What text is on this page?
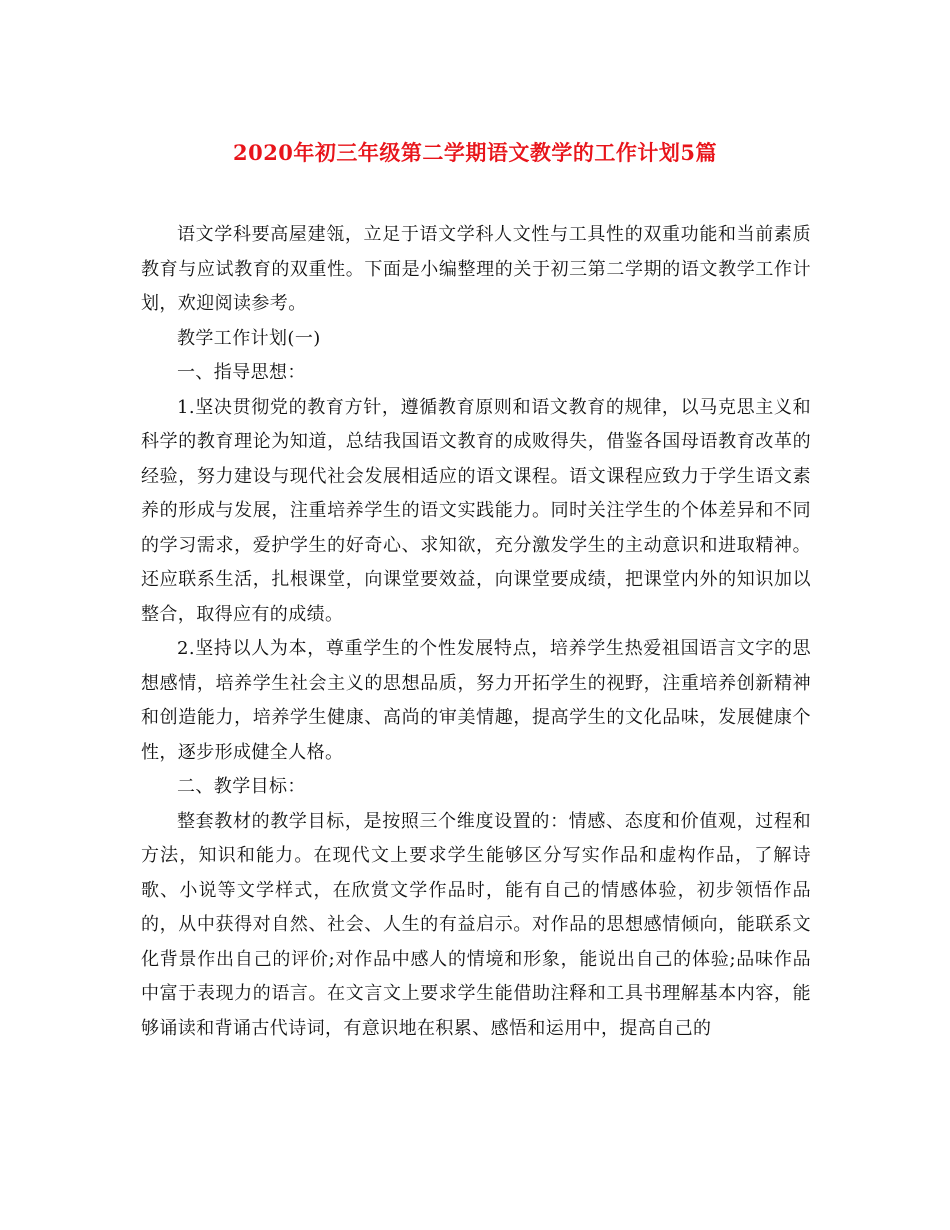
2020年初三年级第二学期语文教学的工作计划5篇

语文学科要高屋建瓴，立足于语文学科人文性与工具性的双重功能和当前素质教育与应试教育的双重性。下面是小编整理的关于初三第二学期的语文教学工作计划，欢迎阅读参考。

教学工作计划(一)

一、指导思想：

1.坚决贯彻党的教育方针，遵循教育原则和语文教育的规律，以马克思主义和科学的教育理论为知道，总结我国语文教育的成败得失，借鉴各国母语教育改革的经验，努力建设与现代社会发展相适应的语文课程。语文课程应致力于学生语文素养的形成与发展，注重培养学生的语文实践能力。同时关注学生的个体差异和不同的学习需求，爱护学生的好奇心、求知欲，充分激发学生的主动意识和进取精神。还应联系生活，扎根课堂，向课堂要效益，向课堂要成绩，把课堂内外的知识加以整合，取得应有的成绩。

2.坚持以人为本，尊重学生的个性发展特点，培养学生热爱祖国语言文字的思想感情，培养学生社会主义的思想品质，努力开拓学生的视野，注重培养创新精神和创造能力，培养学生健康、高尚的审美情趣，提高学生的文化品味，发展健康个性，逐步形成健全人格。

二、教学目标：

整套教材的教学目标，是按照三个维度设置的：情感、态度和价值观，过程和方法，知识和能力。在现代文上要求学生能够区分写实作品和虚构作品，了解诗歌、小说等文学样式，在欣赏文学作品时，能有自己的情感体验，初步领悟作品的，从中获得对自然、社会、人生的有益启示。对作品的思想感情倾向，能联系文化背景作出自己的评价;对作品中感人的情境和形象，能说出自己的体验;品味作品中富于表现力的语言。在文言文上要求学生能借助注释和工具书理解基本内容，能够诵读和背诵古代诗词，有意识地在积累、感悟和运用中，提高自己的
